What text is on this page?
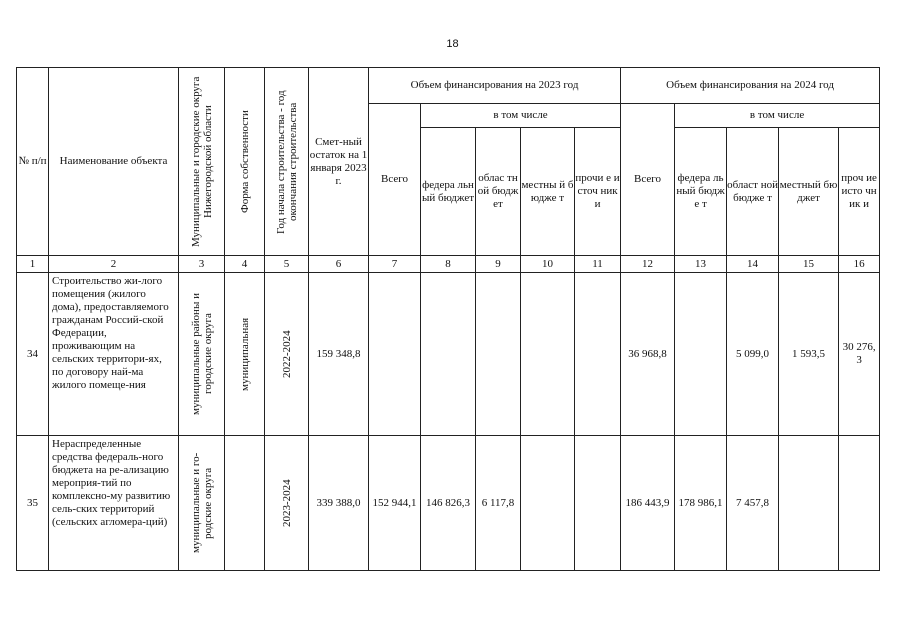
18
№ п/п	Наименование объекта	Муниципальные и городские округа Нижегородской области	Форма собственности	Год начала строительства - год окончания строительства	Смет-ный остаток на 1 января 2023 г.	Объем финансирования на 2023 год					Объем финансирования на 2024 год				
						Всего	в том числе				Всего	в том числе			
							федера льный бюджет	облас тной бюдж ет	местны й бюдже т	прочи е источ ники		федера льный бюдже т	област ной бюдже т	местный бюджет	проч ие исто чник и
1	2	3	4	5	6	7	8	9	10	11	12	13	14	15	16
34	Строительство жи-лого помещения (жилого дома), предоставляемого гражданам Россий-ской Федерации, проживающим на сельских территори-ях, по договору най-ма жилого помеще-ния	муниципальные районы и городские округа	муниципальная	2022-2024	159 348,8						36 968,8		5 099,0	1 593,5	30 276, 3
35	Нераспределенные средства федераль-ного бюджета на ре-ализацию мероприя-тий по комплексно-му развитию сель-ских территорий (сельских агломера-ций)	муниципальные и го-родские округа		2023-2024	339 388,0	152 944,1	146 826,3	6 117,8			186 443,9	178 986,1	7 457,8		
